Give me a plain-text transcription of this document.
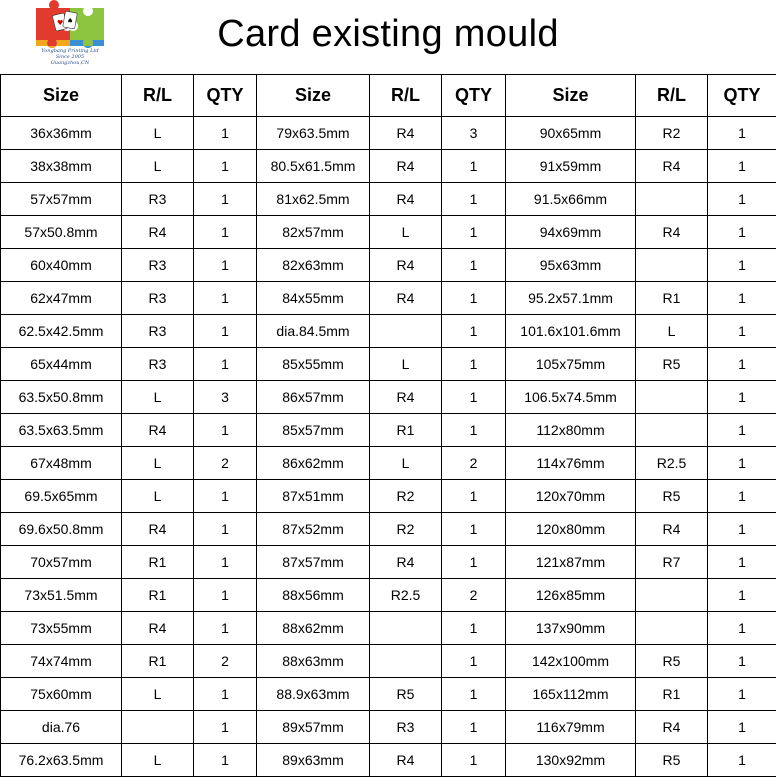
♥ ♠
Yongbang Printing Ltd
Since 2005
Guangzhou,CN
Card existing mould
Size	R/L	QTY	Size	R/L	QTY	Size	R/L	QTY
36x36mm	L	1	79x63.5mm	R4	3	90x65mm	R2	1
38x38mm	L	1	80.5x61.5mm	R4	1	91x59mm	R4	1
57x57mm	R3	1	81x62.5mm	R4	1	91.5x66mm		1
57x50.8mm	R4	1	82x57mm	L	1	94x69mm	R4	1
60x40mm	R3	1	82x63mm	R4	1	95x63mm		1
62x47mm	R3	1	84x55mm	R4	1	95.2x57.1mm	R1	1
62.5x42.5mm	R3	1	dia.84.5mm		1	101.6x101.6mm	L	1
65x44mm	R3	1	85x55mm	L	1	105x75mm	R5	1
63.5x50.8mm	L	3	86x57mm	R4	1	106.5x74.5mm		1
63.5x63.5mm	R4	1	85x57mm	R1	1	112x80mm		1
67x48mm	L	2	86x62mm	L	2	114x76mm	R2.5	1
69.5x65mm	L	1	87x51mm	R2	1	120x70mm	R5	1
69.6x50.8mm	R4	1	87x52mm	R2	1	120x80mm	R4	1
70x57mm	R1	1	87x57mm	R4	1	121x87mm	R7	1
73x51.5mm	R1	1	88x56mm	R2.5	2	126x85mm		1
73x55mm	R4	1	88x62mm		1	137x90mm		1
74x74mm	R1	2	88x63mm		1	142x100mm	R5	1
75x60mm	L	1	88.9x63mm	R5	1	165x112mm	R1	1
dia.76		1	89x57mm	R3	1	116x79mm	R4	1
76.2x63.5mm	L	1	89x63mm	R4	1	130x92mm	R5	1
